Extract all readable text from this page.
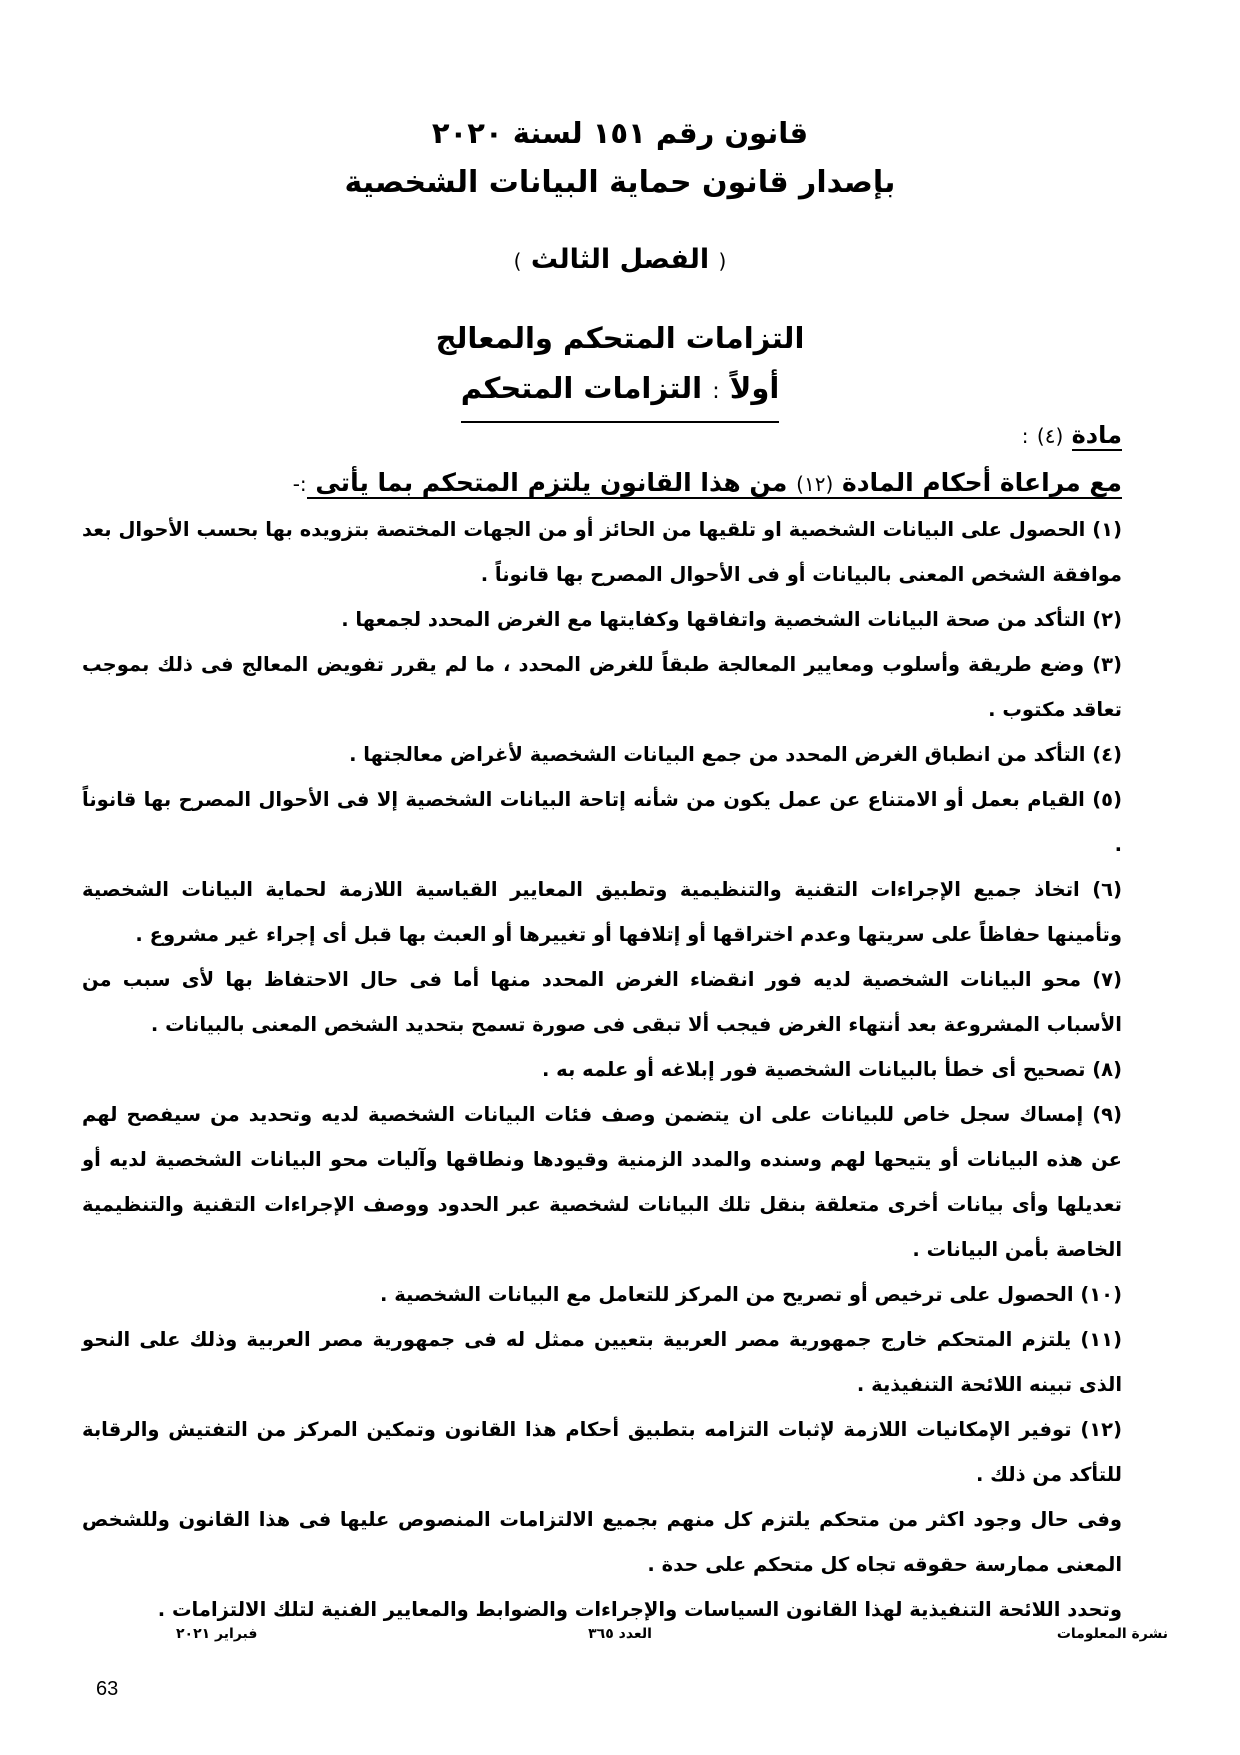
قانون رقم ١٥١ لسنة ٢٠٢٠

بإصدار قانون حماية البيانات الشخصية

( الفصل الثالث )

التزامات المتحكم والمعالج

أولاً : التزامات المتحكم

مادة (٤) :
مع مراعاة أحكام المادة (١٢) من هذا القانون يلتزم المتحكم بما يأتى :-

(١) الحصول على البيانات الشخصية او تلقيها من الحائز أو من الجهات المختصة بتزويده بها بحسب الأحوال بعد موافقة الشخص المعنى بالبيانات أو فى الأحوال المصرح بها قانوناً .

(٢) التأكد من صحة البيانات الشخصية واتفاقها وكفايتها مع الغرض المحدد لجمعها .

(٣) وضع طريقة وأسلوب ومعايير المعالجة طبقاً للغرض المحدد ، ما لم يقرر تفويض المعالج فى ذلك بموجب تعاقد مكتوب .

(٤) التأكد من انطباق الغرض المحدد من جمع البيانات الشخصية لأغراض معالجتها .

(٥) القيام بعمل أو الامتناع عن عمل يكون من شأنه إتاحة البيانات الشخصية إلا فى الأحوال المصرح بها قانوناً .

(٦) اتخاذ جميع الإجراءات التقنية والتنظيمية وتطبيق المعايير القياسية اللازمة لحماية البيانات الشخصية وتأمينها حفاظاً على سريتها وعدم اختراقها أو إتلافها أو تغييرها أو العبث بها قبل أى إجراء غير مشروع .

(٧) محو البيانات الشخصية لديه فور انقضاء الغرض المحدد منها أما فى حال الاحتفاظ بها لأى سبب من الأسباب المشروعة بعد أنتهاء الغرض فيجب ألا تبقى فى صورة تسمح بتحديد الشخص المعنى بالبيانات .

(٨) تصحيح أى خطأ بالبيانات الشخصية فور إبلاغه أو علمه به .

(٩) إمساك سجل خاص للبيانات على ان يتضمن وصف فئات البيانات الشخصية لديه وتحديد من سيفصح لهم عن هذه البيانات أو يتيحها لهم وسنده والمدد الزمنية وقيودها ونطاقها وآليات محو البيانات الشخصية لديه أو تعديلها وأى بيانات أخرى متعلقة بنقل تلك البيانات لشخصية عبر الحدود ووصف الإجراءات التقنية والتنظيمية الخاصة بأمن البيانات .

(١٠) الحصول على ترخيص أو تصريح من المركز للتعامل مع البيانات الشخصية .

(١١) يلتزم المتحكم خارج جمهورية مصر العربية بتعيين ممثل له فى جمهورية مصر العربية وذلك على النحو الذى تبينه اللائحة التنفيذية .

(١٢) توفير الإمكانيات اللازمة لإثبات التزامه بتطبيق أحكام هذا القانون وتمكين المركز من التفتيش والرقابة للتأكد من ذلك .

وفى حال وجود اكثر من متحكم يلتزم كل منهم بجميع الالتزامات المنصوص عليها فى هذا القانون وللشخص المعنى ممارسة حقوقه تجاه كل متحكم على حدة .

وتحدد اللائحة التنفيذية لهذا القانون السياسات والإجراءات والضوابط والمعايير الفنية لتلك الالتزامات .

نشرة المعلومات
العدد ٣٦٥
فبراير ٢٠٢١
63
